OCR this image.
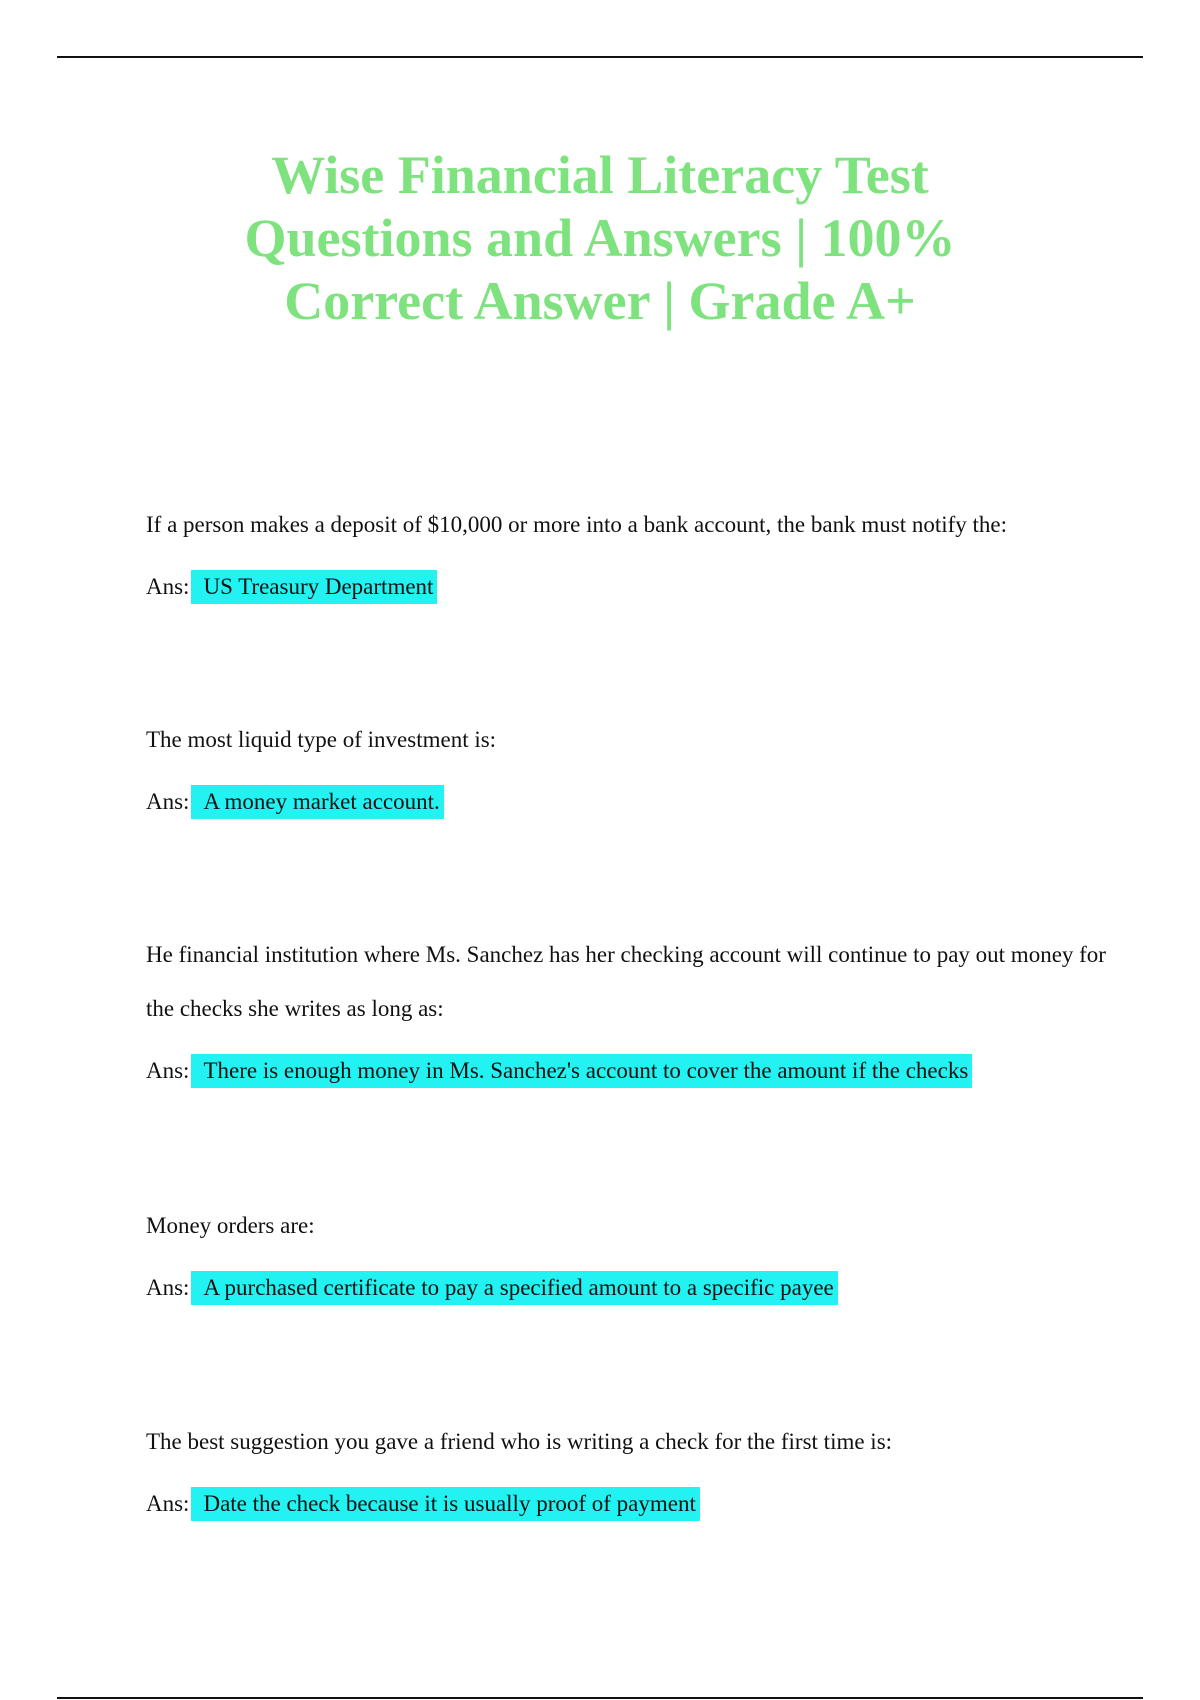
Wise Financial Literacy Test
Questions and Answers | 100%
Correct Answer | Grade A+

If a person makes a deposit of $10,000 or more into a bank account, the bank must notify the:

Ans: US Treasury Department

The most liquid type of investment is:

Ans: A money market account.

He financial institution where Ms. Sanchez has her checking account will continue to pay out money for the checks she writes as long as:

Ans: There is enough money in Ms. Sanchez's account to cover the amount if the checks

Money orders are:

Ans: A purchased certificate to pay a specified amount to a specific payee

The best suggestion you gave a friend who is writing a check for the first time is:

Ans: Date the check because it is usually proof of payment
